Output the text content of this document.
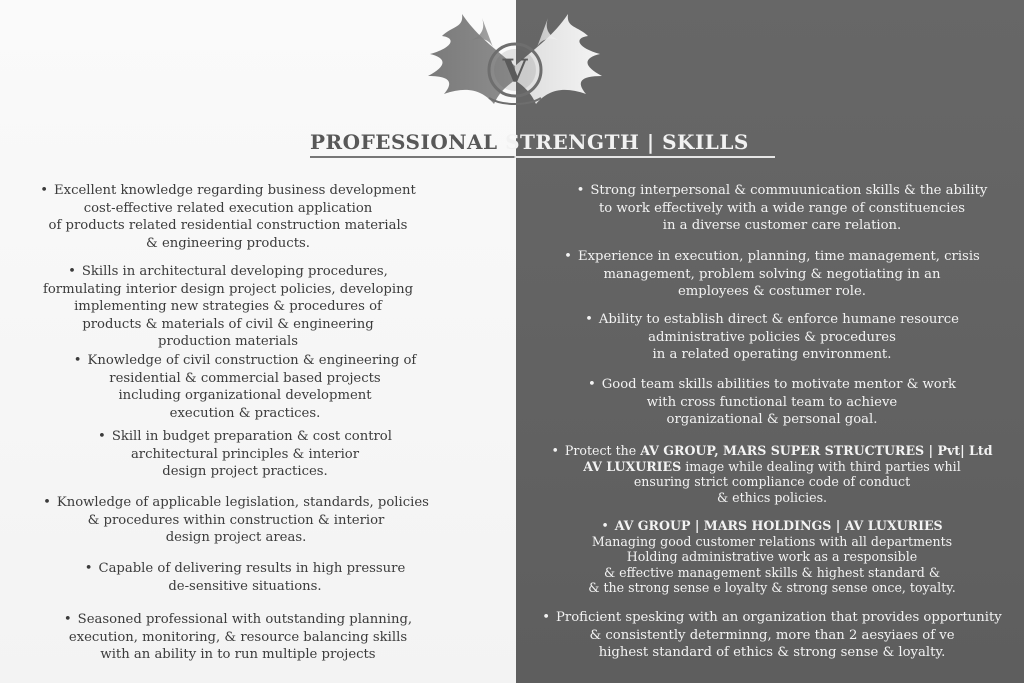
V
PROFESSIONAL STRENGTH | SKILLS
• Excellent knowledge regarding business development
cost-effective related execution application
of products related residential construction materials
& engineering products.
• Skills in architectural developing procedures,
formulating interior design project policies, developing
implementing new strategies & procedures of
products & materials of civil & engineering
production materials
• Knowledge of civil construction & engineering of
residential & commercial based projects
including organizational development
execution & practices.
• Skill in budget preparation & cost control
architectural principles & interior
design project practices.
• Knowledge of applicable legislation, standards, policies
& procedures within construction & interior
design project areas.
• Capable of delivering results in high pressure
de-sensitive situations.
• Seasoned professional with outstanding planning,
execution, monitoring, & resource balancing skills
with an ability in to run multiple projects
• Strong interpersonal & commuunication skills & the ability
to work effectively with a wide range of constituencies
in a diverse customer care relation.
• Experience in execution, planning, time management, crisis
management, problem solving & negotiating in an
employees & costumer role.
• Ability to establish direct & enforce humane resource
administrative policies & procedures
in a related operating environment.
• Good team skills abilities to motivate mentor & work
with cross functional team to achieve
organizational & personal goal.
• Protect the AV GROUP, MARS SUPER STRUCTURES | Pvt| Ltd
AV LUXURIES image while dealing with third parties whil
ensuring strict compliance code of conduct
& ethics policies.
• AV GROUP | MARS HOLDINGS | AV LUXURIES
Managing good customer relations with all departments
Holding administrative work as a responsible
& effective management skills & highest standard &
& the strong sense e loyalty & strong sense once, toyalty.
• Proficient spesking with an organization that provides opportunity
& consistently determinng, more than 2 aesyiaes of ve
highest standard of ethics & strong sense & loyalty.
